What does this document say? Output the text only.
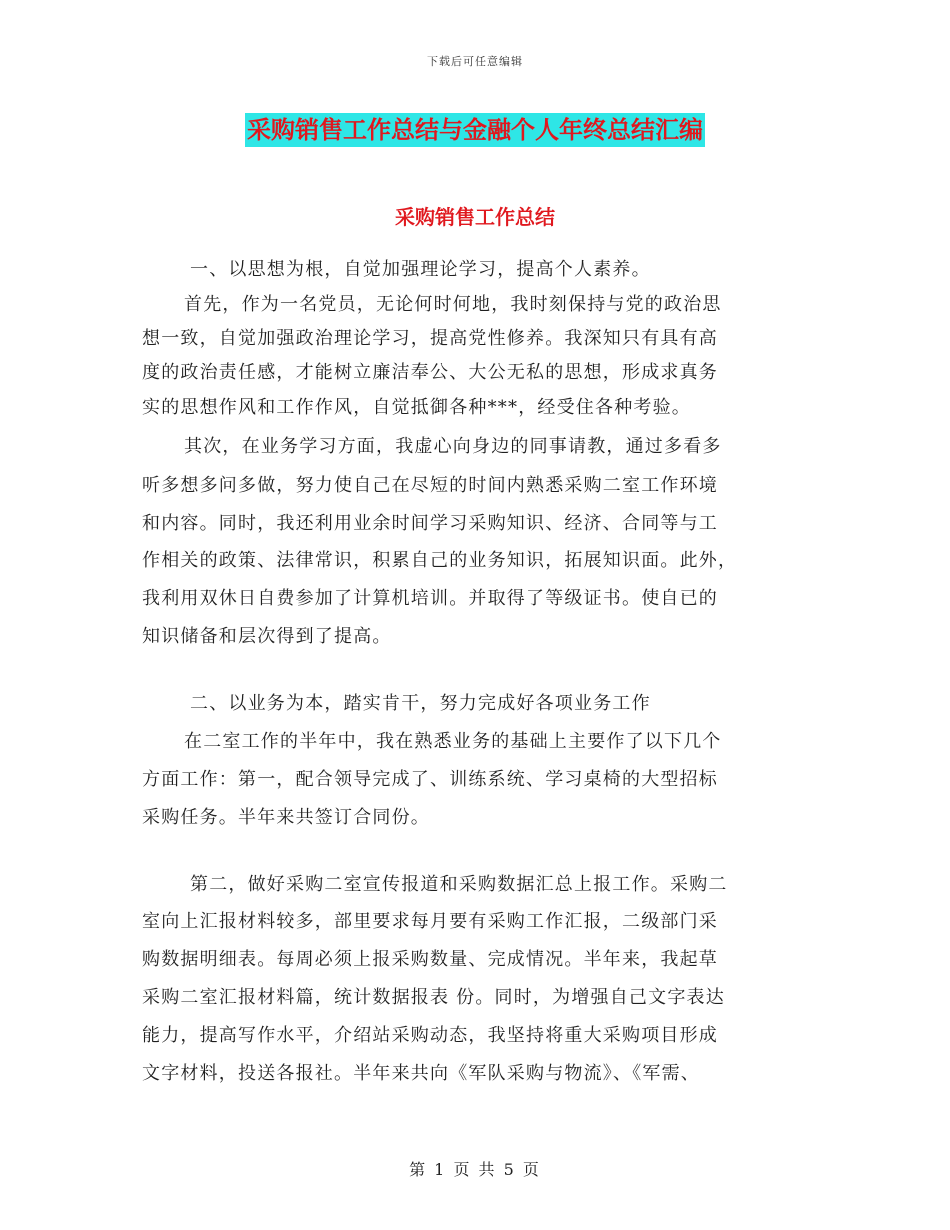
下载后可任意编辑
采购销售工作总结与金融个人年终总结汇编
采购销售工作总结
一、以思想为根，自觉加强理论学习，提高个人素养。
首先，作为一名党员，无论何时何地，我时刻保持与党的政治思
想一致，自觉加强政治理论学习，提高党性修养。我深知只有具有高
度的政治责任感，才能树立廉洁奉公、大公无私的思想，形成求真务
实的思想作风和工作作风，自觉抵御各种***，经受住各种考验。
其次，在业务学习方面，我虚心向身边的同事请教，通过多看多
听多想多问多做，努力使自己在尽短的时间内熟悉采购二室工作环境
和内容。同时，我还利用业余时间学习采购知识、经济、合同等与工
作相关的政策、法律常识，积累自己的业务知识，拓展知识面。此外，
我利用双休日自费参加了计算机培训。并取得了等级证书。使自已的
知识储备和层次得到了提高。
二、以业务为本，踏实肯干，努力完成好各项业务工作
在二室工作的半年中，我在熟悉业务的基础上主要作了以下几个
方面工作：第一，配合领导完成了、训练系统、学习桌椅的大型招标
采购任务。半年来共签订合同份。
第二，做好采购二室宣传报道和采购数据汇总上报工作。采购二
室向上汇报材料较多，部里要求每月要有采购工作汇报，二级部门采
购数据明细表。每周必须上报采购数量、完成情况。半年来，我起草
采购二室汇报材料篇，统计数据报表 份。同时，为增强自己文字表达
能力，提高写作水平，介绍站采购动态，我坚持将重大采购项目形成
文字材料，投送各报社。半年来共向《军队采购与物流》、《军需、
第 1 页 共 5 页
